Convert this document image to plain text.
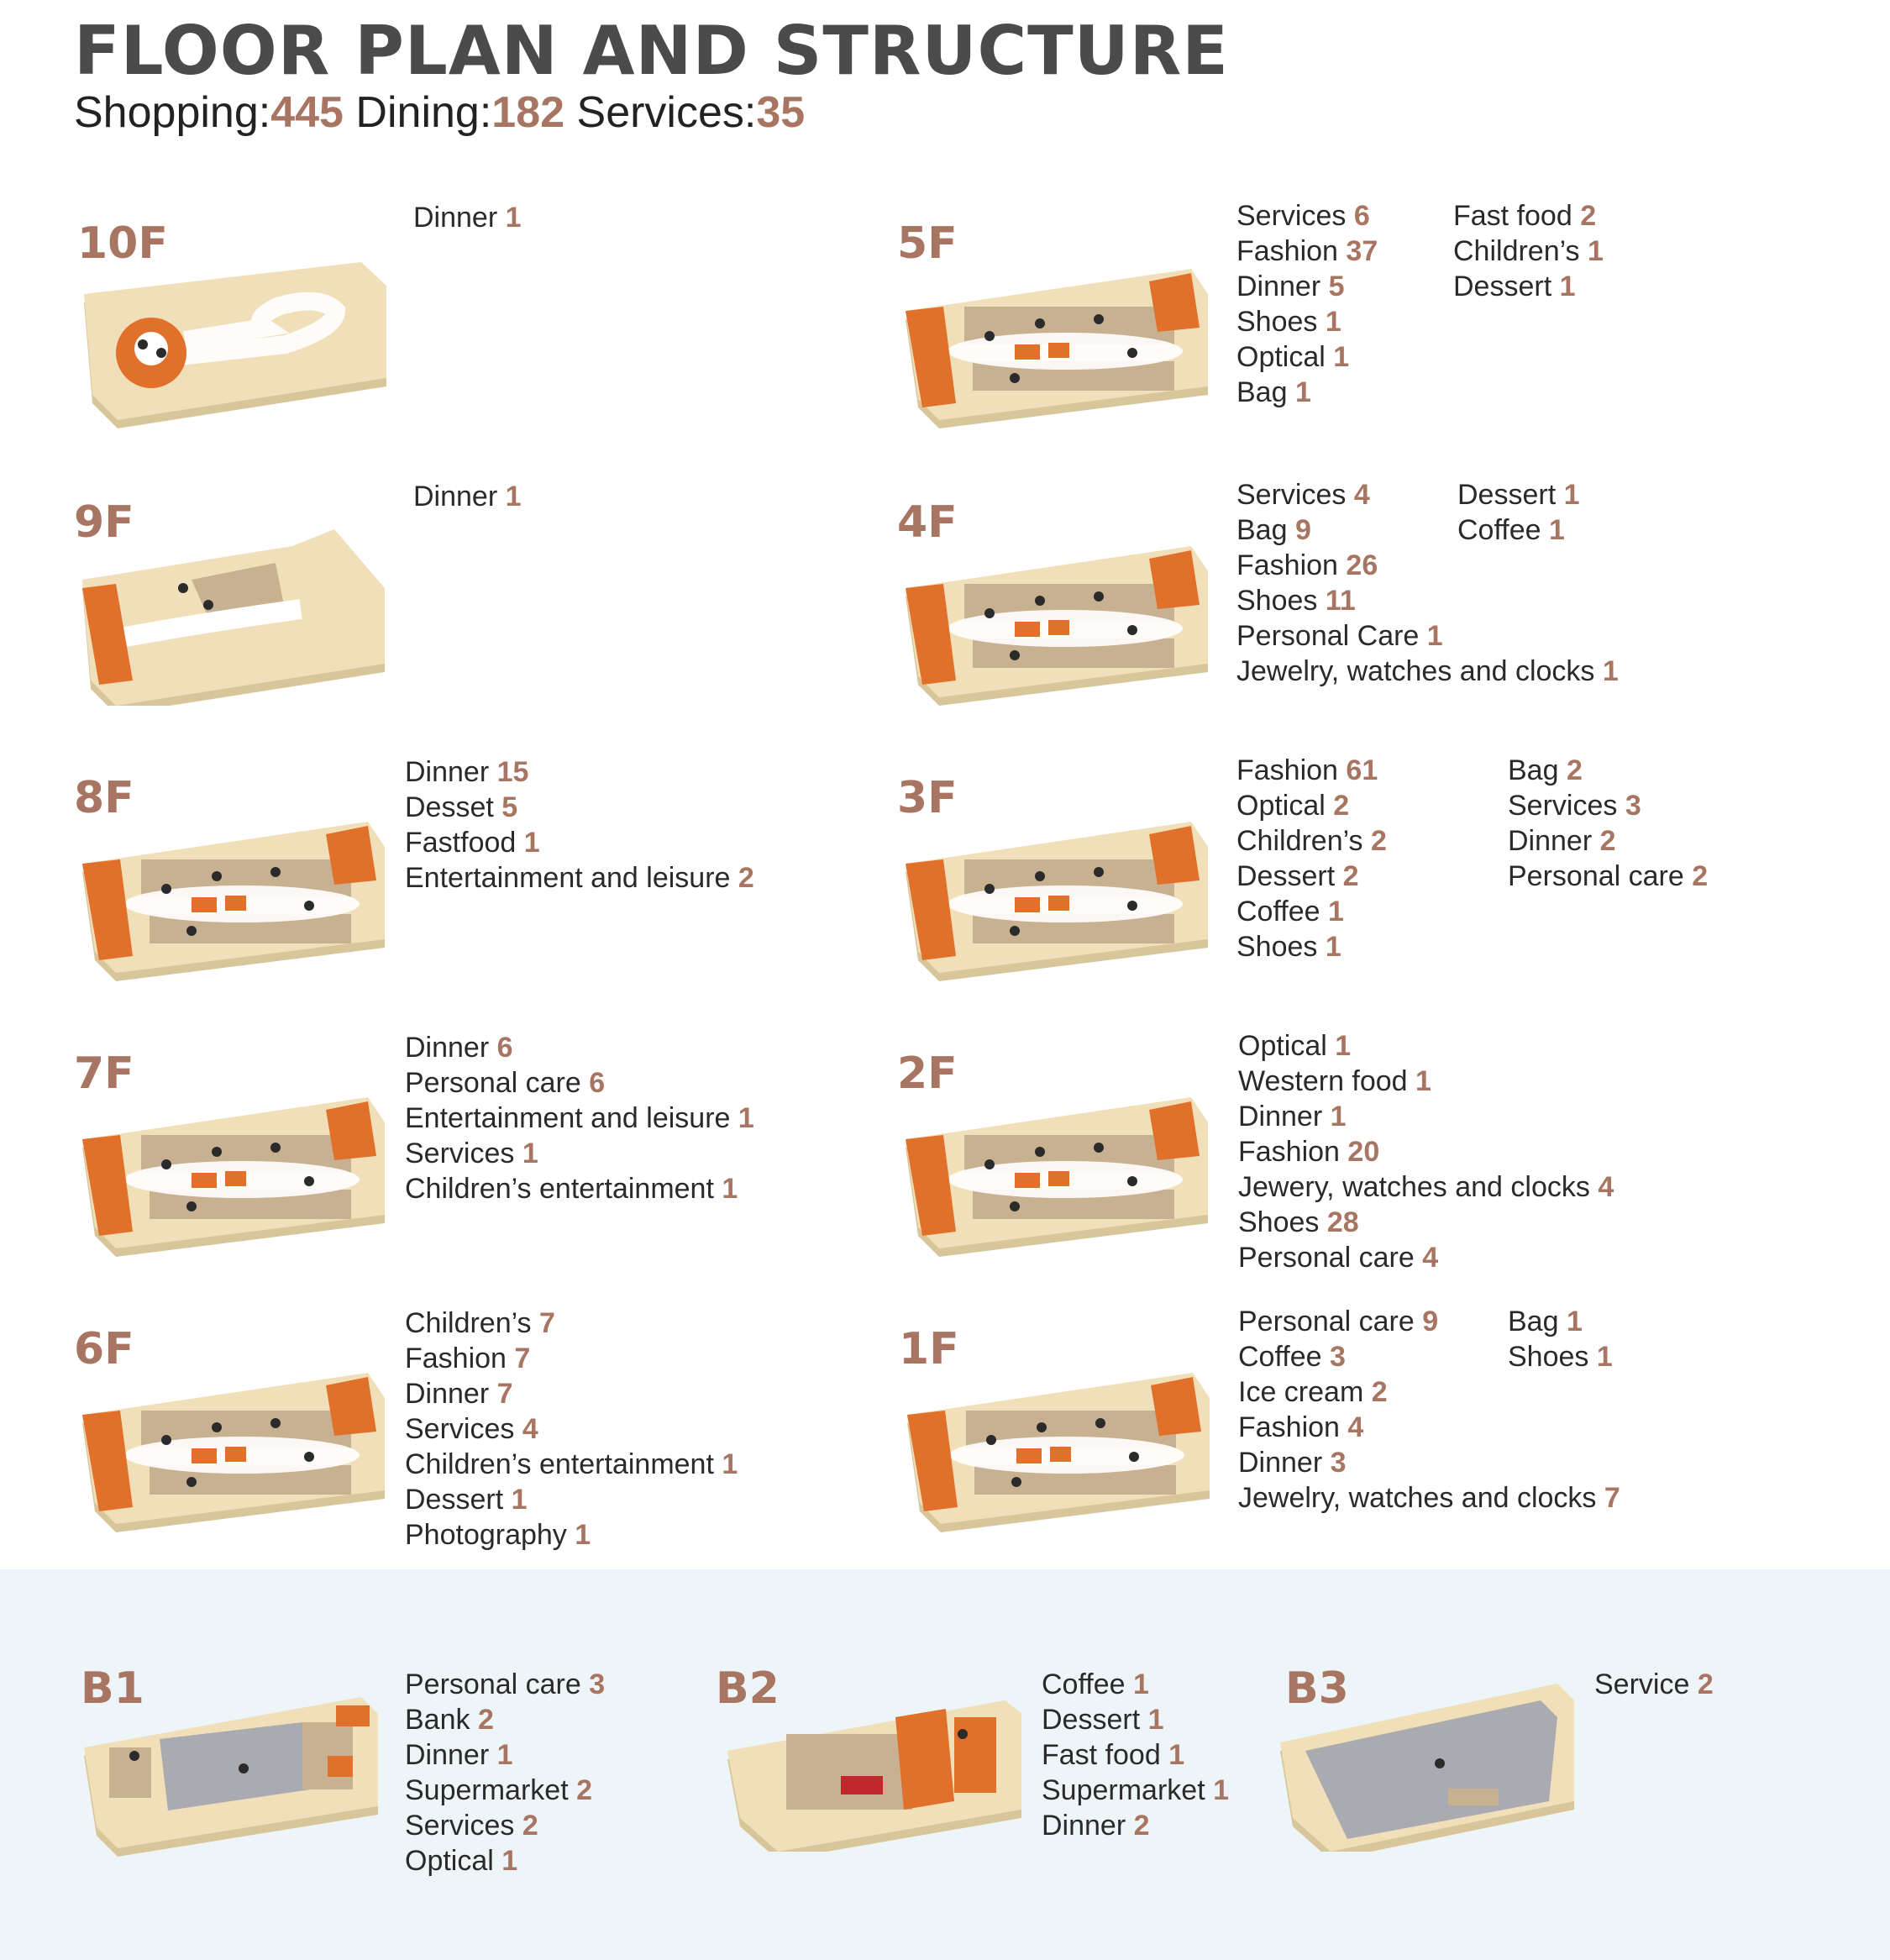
FLOOR PLAN AND STRUCTURE
Shopping:445 Dining:182 Services:35
10F
Dinner 1
9F
Dinner 1
8F
Dinner 15
Desset 5
Fastfood 1
Entertainment and leisure 2
7F
Dinner 6
Personal care 6
Entertainment and leisure 1
Services 1
Children’s entertainment 1
6F
Children’s 7
Fashion 7
Dinner 7
Services 4
Children’s entertainment 1
Dessert 1
Photography 1
5F
Services 6
Fashion 37
Dinner 5
Shoes 1
Optical 1
Bag 1
Fast food 2
Children’s 1
Dessert 1
4F
Services 4
Bag 9
Fashion 26
Shoes 11
Personal Care 1
Jewelry, watches and clocks 1
Dessert 1
Coffee 1
3F
Fashion 61
Optical 2
Children’s 2
Dessert 2
Coffee 1
Shoes 1
Bag 2
Services 3
Dinner 2
Personal care 2
2F
Optical 1
Western food 1
Dinner 1
Fashion 20
Jewery, watches and clocks 4
Shoes 28
Personal care 4
1F
Personal care 9
Coffee 3
Ice cream 2
Fashion 4
Dinner 3
Jewelry, watches and clocks 7
Bag 1
Shoes 1
B1	Personal care 3
Bank 2
Dinner 1
Supermarket 2
Services 2
Optical 1
B2	Coffee 1
Dessert 1
Fast food 1
Supermarket 1
Dinner 2
B3	Service 2
